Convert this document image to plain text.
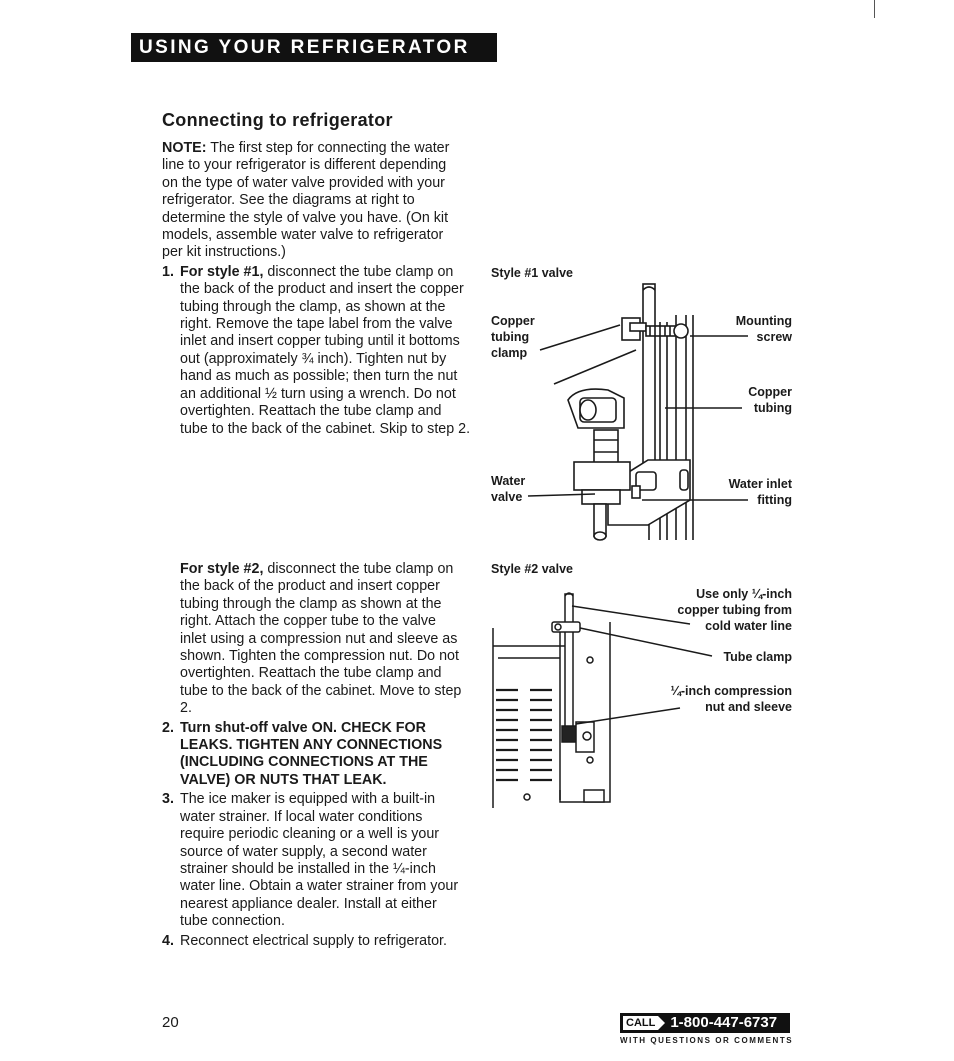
USING YOUR REFRIGERATOR
Connecting to refrigerator

NOTE: The first step for connecting the water line to your refrigerator is different depending on the type of water valve provided with your refrigerator. See the diagrams at right to determine the style of valve you have. (On kit models, assemble water valve to refrigerator per kit instructions.)

1. For style #1, disconnect the tube clamp on the back of the product and insert the copper tubing through the clamp, as shown at the right. Remove the tape label from the valve inlet and insert copper tubing until it bottoms out (approximately ¾ inch). Tighten nut by hand as much as possible; then turn the nut an additional ½ turn using a wrench. Do not overtighten. Reattach the tube clamp and tube to the back of the cabinet. Skip to step 2.

For style #2, disconnect the tube clamp on the back of the product and insert copper tubing through the clamp as shown at the right. Attach the copper tube to the valve inlet using a compression nut and sleeve as shown. Tighten the compression nut. Do not overtighten. Reattach the tube clamp and tube to the back of the cabinet. Move to step 2.

2. Turn shut-off valve ON. CHECK FOR LEAKS. TIGHTEN ANY CONNECTIONS (INCLUDING CONNECTIONS AT THE VALVE) OR NUTS THAT LEAK.

3. The ice maker is equipped with a built-in water strainer. If local water conditions require periodic cleaning or a well is your source of water supply, a second water strainer should be installed in the ¼-inch water line. Obtain a water strainer from your nearest appliance dealer. Install at either tube connection.

4. Reconnect electrical supply to refrigerator.

Style #1 valve
Copper
tubing
clamp
Mounting
screw
Copper
tubing
Water
valve
Water inlet
fitting
Style #2 valve
Use only ¼-inch
copper tubing from
cold water line
Tube clamp
¼-inch compression
nut and sleeve
20	CALL 1-800-447-6737
WITH QUESTIONS OR COMMENTS
